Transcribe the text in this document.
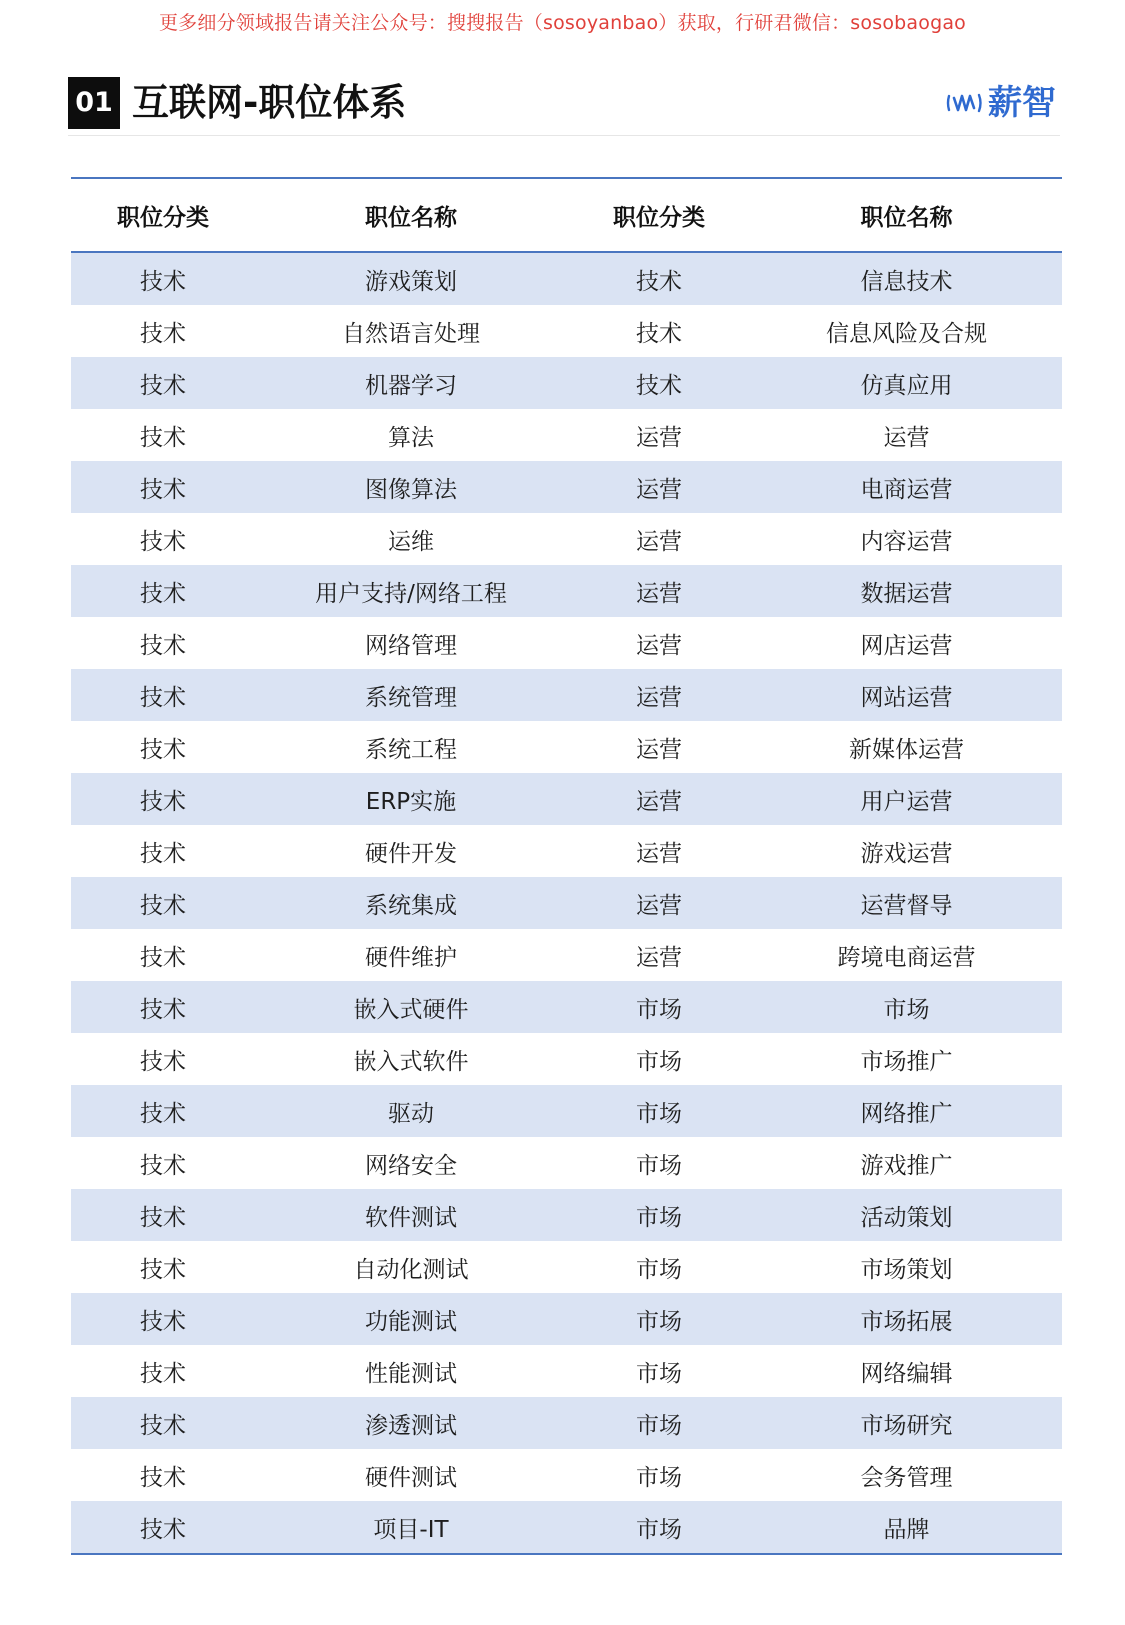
更多细分领域报告请关注公众号：搜搜报告（sosoyanbao）获取，行研君微信：sosobaogao
01 互联网-职位体系	薪智
职位分类	职位名称	职位分类	职位名称
技术	游戏策划	技术	信息技术
技术	自然语言处理	技术	信息风险及合规
技术	机器学习	技术	仿真应用
技术	算法	运营	运营
技术	图像算法	运营	电商运营
技术	运维	运营	内容运营
技术	用户支持/网络工程	运营	数据运营
技术	网络管理	运营	网店运营
技术	系统管理	运营	网站运营
技术	系统工程	运营	新媒体运营
技术	ERP实施	运营	用户运营
技术	硬件开发	运营	游戏运营
技术	系统集成	运营	运营督导
技术	硬件维护	运营	跨境电商运营
技术	嵌入式硬件	市场	市场
技术	嵌入式软件	市场	市场推广
技术	驱动	市场	网络推广
技术	网络安全	市场	游戏推广
技术	软件测试	市场	活动策划
技术	自动化测试	市场	市场策划
技术	功能测试	市场	市场拓展
技术	性能测试	市场	网络编辑
技术	渗透测试	市场	市场研究
技术	硬件测试	市场	会务管理
技术	项目-IT	市场	品牌
